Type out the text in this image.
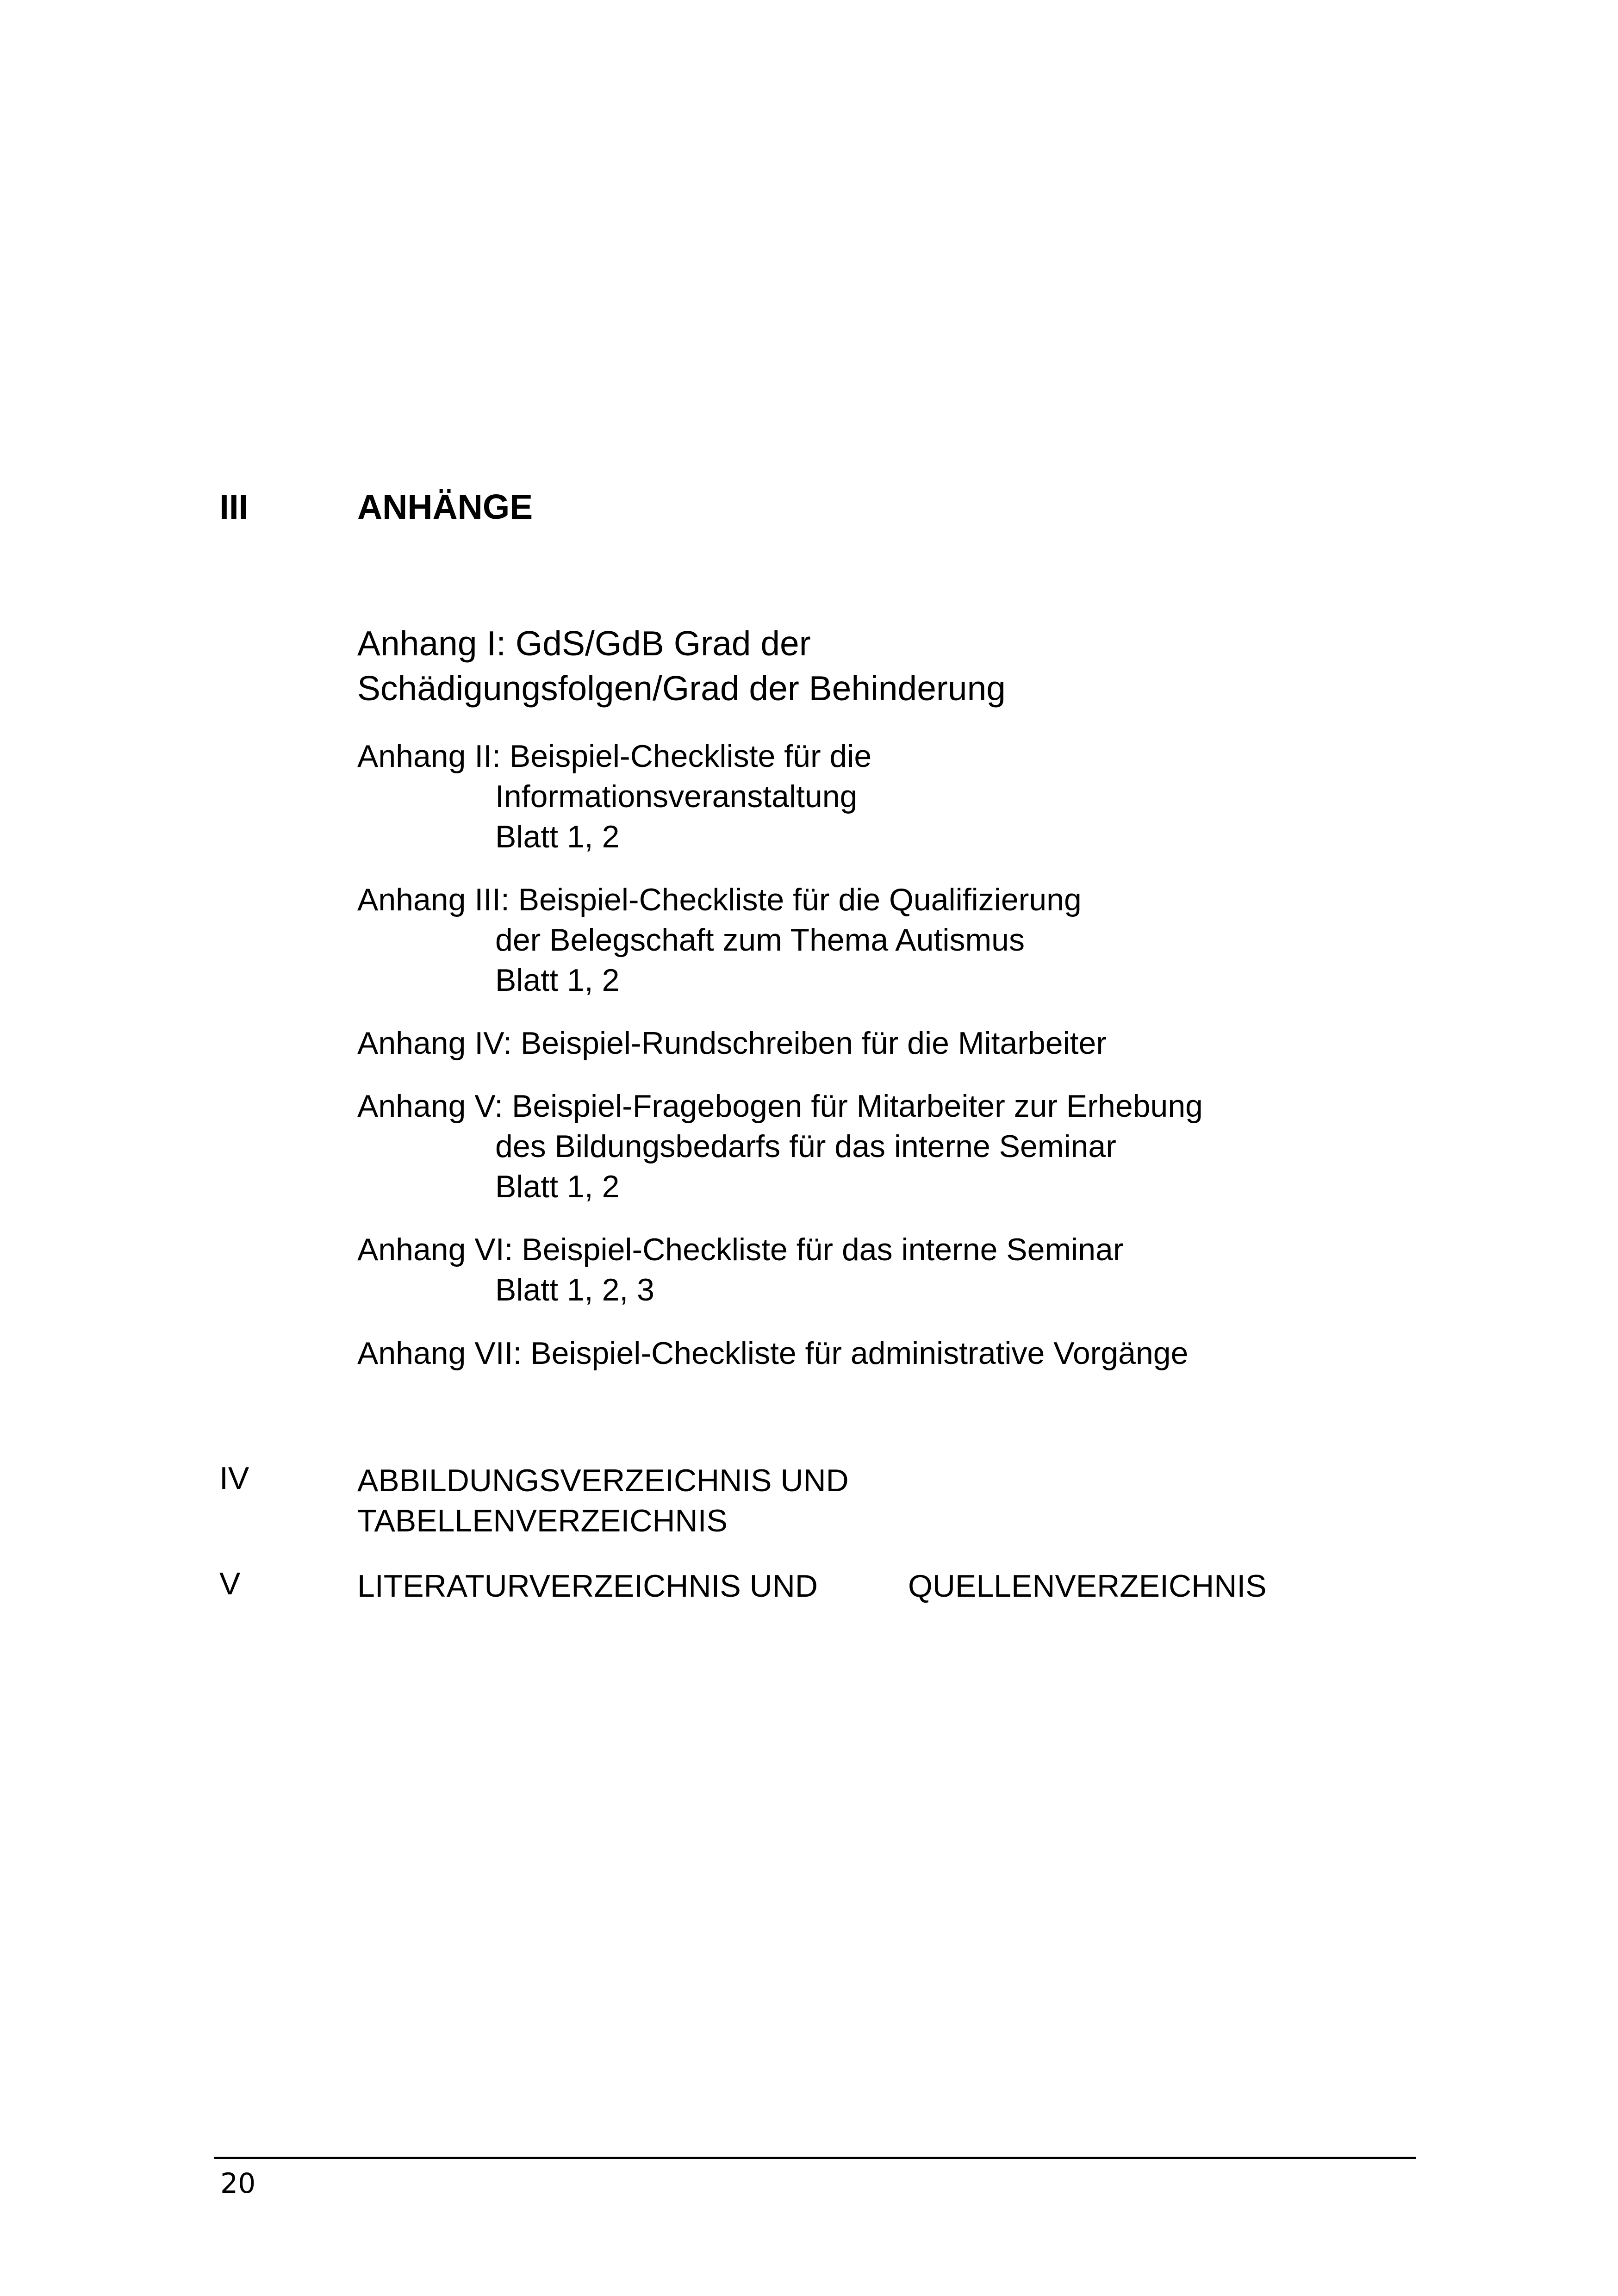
III	ANHÄNGE
Anhang I: GdS/GdB Grad der
Schädigungsfolgen/Grad der Behinderung
Anhang II: Beispiel-Checkliste für die
Informationsveranstaltung
Blatt 1, 2
Anhang III: Beispiel-Checkliste für die Qualifizierung
der Belegschaft zum Thema Autismus
Blatt 1, 2
Anhang IV: Beispiel-Rundschreiben für die Mitarbeiter
Anhang V: Beispiel-Fragebogen für Mitarbeiter zur Erhebung
des Bildungsbedarfs für das interne Seminar
Blatt 1, 2
Anhang VI: Beispiel-Checkliste für das interne Seminar
Blatt 1, 2, 3
Anhang VII: Beispiel-Checkliste für administrative Vorgänge
IV	ABBILDUNGSVERZEICHNIS UND
TABELLENVERZEICHNIS
V	LITERATURVERZEICHNIS UND	QUELLENVERZEICHNIS
20
